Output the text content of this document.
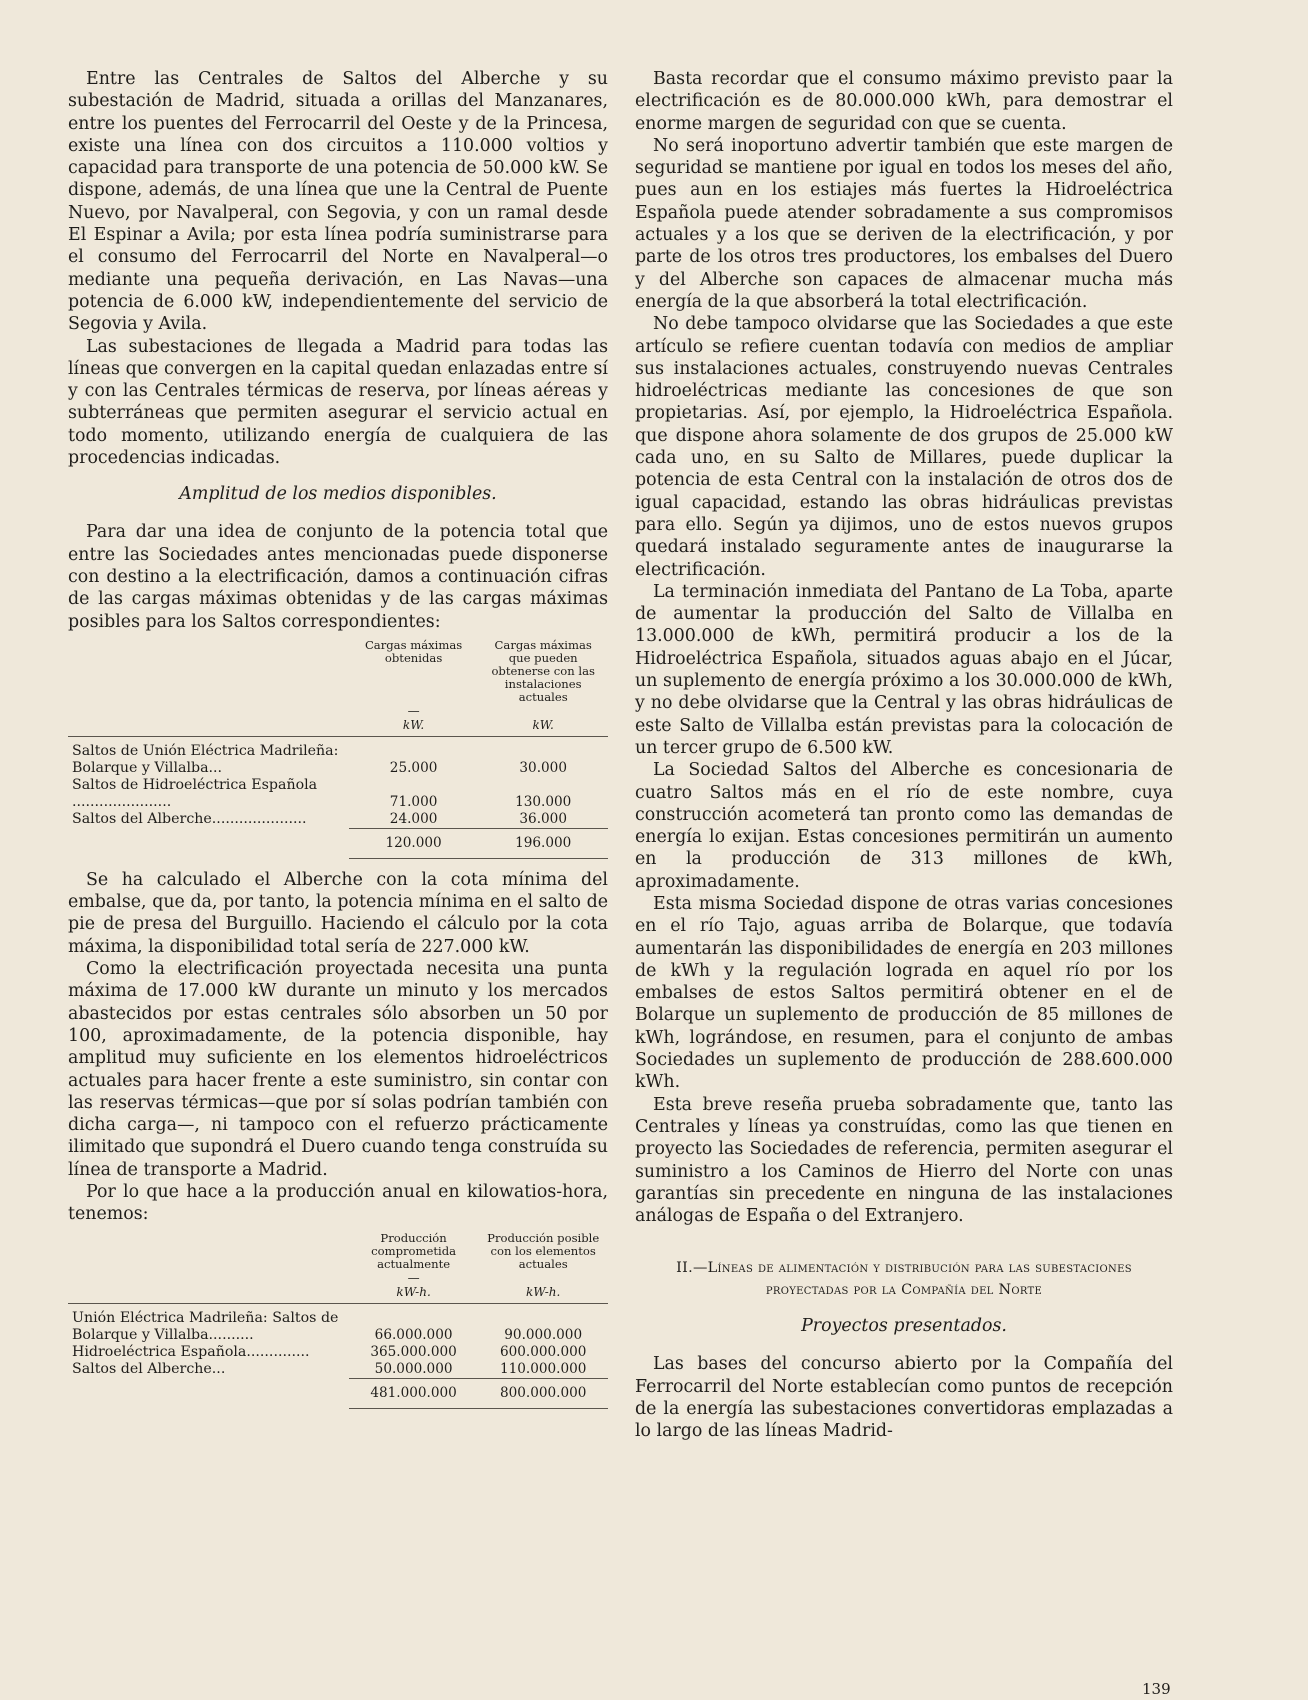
Entre las Centrales de Saltos del Alberche y su subestación de Madrid, situada a orillas del Manzanares, entre los puentes del Ferrocarril del Oeste y de la Princesa, existe una línea con dos circuitos a 110.000 voltios y capacidad para transporte de una potencia de 50.000 kW. Se dispone, además, de una línea que une la Central de Puente Nuevo, por Navalperal, con Segovia, y con un ramal desde El Espinar a Avila; por esta línea podría suministrarse para el consumo del Ferrocarril del Norte en Navalperal—o mediante una pequeña derivación, en Las Navas—una potencia de 6.000 kW, independientemente del servicio de Segovia y Avila.

Las subestaciones de llegada a Madrid para todas las líneas que convergen en la capital quedan enlazadas entre sí y con las Centrales térmicas de reserva, por líneas aéreas y subterráneas que permiten asegurar el servicio actual en todo momento, utilizando energía de cualquiera de las procedencias indicadas.

Amplitud de los medios disponibles.

Para dar una idea de conjunto de la potencia total que entre las Sociedades antes mencionadas puede disponerse con destino a la electrificación, damos a continuación cifras de las cargas máximas obtenidas y de las cargas máximas posibles para los Saltos correspondientes:

	Cargas máximas obtenidas	Cargas máximas que pueden obtenerse con las instalaciones actuales
	—	
	kW.	kW.
Saltos de Unión Eléctrica Madrileña: Bolarque y Villalba...	25.000	30.000
Saltos de Hidroeléctrica Española ......................	71.000	130.000
Saltos del Alberche.....................	24.000	36.000
	120.000	196.000

Se ha calculado el Alberche con la cota mínima del embalse, que da, por tanto, la potencia mínima en el salto de pie de presa del Burguillo. Haciendo el cálculo por la cota máxima, la disponibilidad total sería de 227.000 kW.

Como la electrificación proyectada necesita una punta máxima de 17.000 kW durante un minuto y los mercados abastecidos por estas centrales sólo absorben un 50 por 100, aproximadamente, de la potencia disponible, hay amplitud muy suficiente en los elementos hidroeléctricos actuales para hacer frente a este suministro, sin contar con las reservas térmicas—que por sí solas podrían también con dicha carga—, ni tampoco con el refuerzo prácticamente ilimitado que supondrá el Duero cuando tenga construída su línea de transporte a Madrid.

Por lo que hace a la producción anual en kilowatios-hora, tenemos:

	Producción comprometida actualmente	Producción posible con los elementos actuales
	—	
	kW-h.	kW-h.
Unión Eléctrica Madrileña: Saltos de Bolarque y Villalba..........	66.000.000	90.000.000
Hidroeléctrica Española..............	365.000.000	600.000.000
Saltos del Alberche...	50.000.000	110.000.000
	481.000.000	800.000.000

Basta recordar que el consumo máximo previsto paar la electrificación es de 80.000.000 kWh, para demostrar el enorme margen de seguridad con que se cuenta.

No será inoportuno advertir también que este margen de seguridad se mantiene por igual en todos los meses del año, pues aun en los estiajes más fuertes la Hidroeléctrica Española puede atender sobradamente a sus compromisos actuales y a los que se deriven de la electrificación, y por parte de los otros tres productores, los embalses del Duero y del Alberche son capaces de almacenar mucha más energía de la que absorberá la total electrificación.

No debe tampoco olvidarse que las Sociedades a que este artículo se refiere cuentan todavía con medios de ampliar sus instalaciones actuales, construyendo nuevas Centrales hidroeléctricas mediante las concesiones de que son propietarias. Así, por ejemplo, la Hidroeléctrica Española. que dispone ahora solamente de dos grupos de 25.000 kW cada uno, en su Salto de Millares, puede duplicar la potencia de esta Central con la instalación de otros dos de igual capacidad, estando las obras hidráulicas previstas para ello. Según ya dijimos, uno de estos nuevos grupos quedará instalado seguramente antes de inaugurarse la electrificación.

La terminación inmediata del Pantano de La Toba, aparte de aumentar la producción del Salto de Villalba en 13.000.000 de kWh, permitirá producir a los de la Hidroeléctrica Española, situados aguas abajo en el Júcar, un suplemento de energía próximo a los 30.000.000 de kWh, y no debe olvidarse que la Central y las obras hidráulicas de este Salto de Villalba están previstas para la colocación de un tercer grupo de 6.500 kW.

La Sociedad Saltos del Alberche es concesionaria de cuatro Saltos más en el río de este nombre, cuya construcción acometerá tan pronto como las demandas de energía lo exijan. Estas concesiones permitirán un aumento en la producción de 313 millones de kWh, aproximadamente.

Esta misma Sociedad dispone de otras varias concesiones en el río Tajo, aguas arriba de Bolarque, que todavía aumentarán las disponibilidades de energía en 203 millones de kWh y la regulación lograda en aquel río por los embalses de estos Saltos permitirá obtener en el de Bolarque un suplemento de producción de 85 millones de kWh, lográndose, en resumen, para el conjunto de ambas Sociedades un suplemento de producción de 288.600.000 kWh.

Esta breve reseña prueba sobradamente que, tanto las Centrales y líneas ya construídas, como las que tienen en proyecto las Sociedades de referencia, permiten asegurar el suministro a los Caminos de Hierro del Norte con unas garantías sin precedente en ninguna de las instalaciones análogas de España o del Extranjero.

II.—Líneas de alimentación y distribución para las subestaciones proyectadas por la Compañía del Norte
Proyectos presentados.

Las bases del concurso abierto por la Compañía del Ferrocarril del Norte establecían como puntos de recepción de la energía las subestaciones convertidoras emplazadas a lo largo de las líneas Madrid-

139
